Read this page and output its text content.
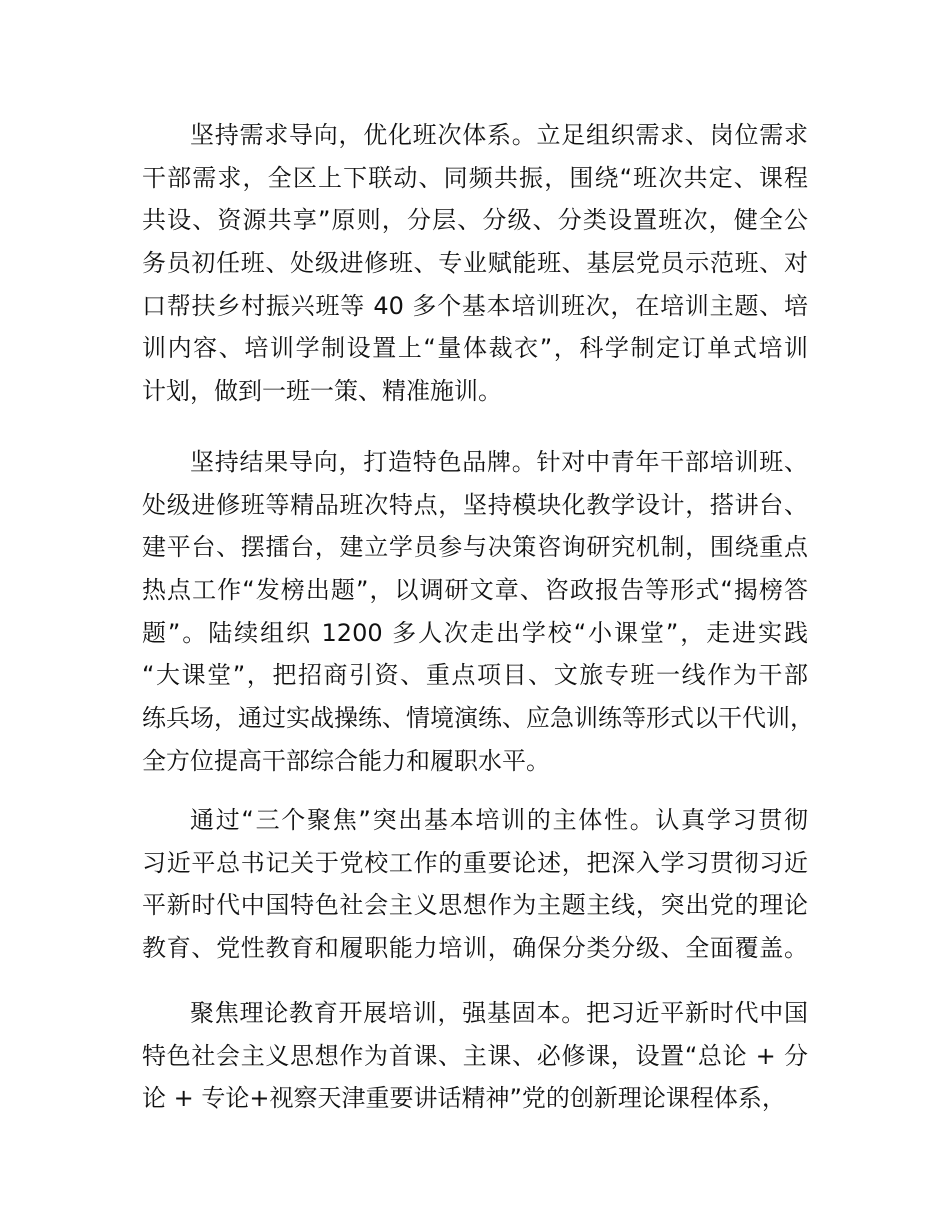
坚持需求导向，优化班次体系。立足组织需求、岗位需求
干部需求，全区上下联动、同频共振，围绕“班次共定、课程
共设、资源共享”原则，分层、分级、分类设置班次，健全公
务员初任班、处级进修班、专业赋能班、基层党员示范班、对
口帮扶乡村振兴班等 40 多个基本培训班次，在培训主题、培
训内容、培训学制设置上“量体裁衣”，科学制定订单式培训
计划，做到一班一策、精准施训。
坚持结果导向，打造特色品牌。针对中青年干部培训班、
处级进修班等精品班次特点，坚持模块化教学设计，搭讲台、
建平台、摆擂台，建立学员参与决策咨询研究机制，围绕重点
热点工作“发榜出题”，以调研文章、咨政报告等形式“揭榜答
题”。陆续组织 1200 多人次走出学校“小课堂”，走进实践
“大课堂”，把招商引资、重点项目、文旅专班一线作为干部
练兵场，通过实战操练、情境演练、应急训练等形式以干代训，
全方位提高干部综合能力和履职水平。
通过“三个聚焦”突出基本培训的主体性。认真学习贯彻
习近平总书记关于党校工作的重要论述，把深入学习贯彻习近
平新时代中国特色社会主义思想作为主题主线，突出党的理论
教育、党性教育和履职能力培训，确保分类分级、全面覆盖。
聚焦理论教育开展培训，强基固本。把习近平新时代中国
特色社会主义思想作为首课、主课、必修课，设置“总论 + 分
论 + 专论+视察天津重要讲话精神”党的创新理论课程体系，
